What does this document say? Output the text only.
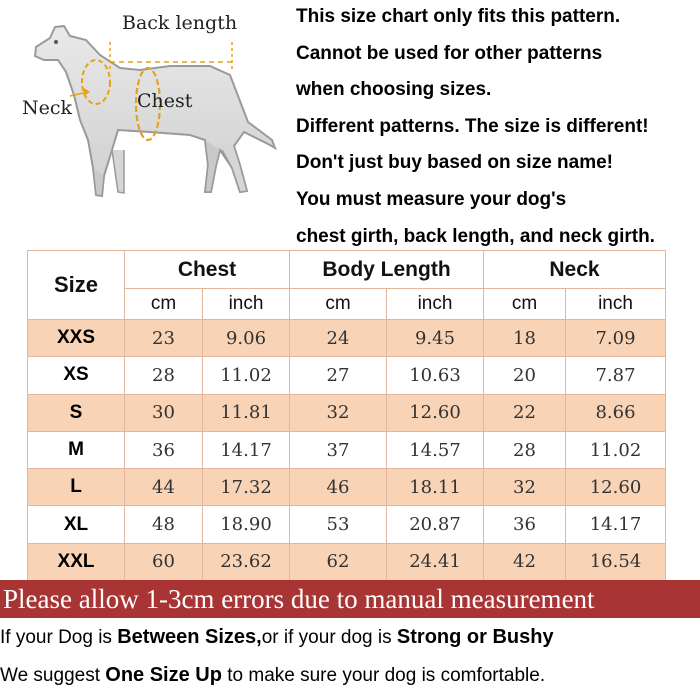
Back length
Neck	Chest
This size chart only fits this pattern.
Cannot be used for other patterns
when choosing sizes.
Different patterns. The size is different!
Don't just buy based on size name!
You must measure your dog's
chest girth, back length, and neck girth.
Size	Chest		Body Length		Neck	
	cm	inch	cm	inch	cm	inch
XXS	23	9.06	24	9.45	18	7.09
XS	28	11.02	27	10.63	20	7.87
S	30	11.81	32	12.60	22	8.66
M	36	14.17	37	14.57	28	11.02
L	44	17.32	46	18.11	32	12.60
XL	48	18.90	53	20.87	36	14.17
XXL	60	23.62	62	24.41	42	16.54
Please allow 1-3cm errors due to manual measurement
If your Dog is Between Sizes,or if your dog is Strong or Bushy
We suggest One Size Up to make sure your dog is comfortable.
